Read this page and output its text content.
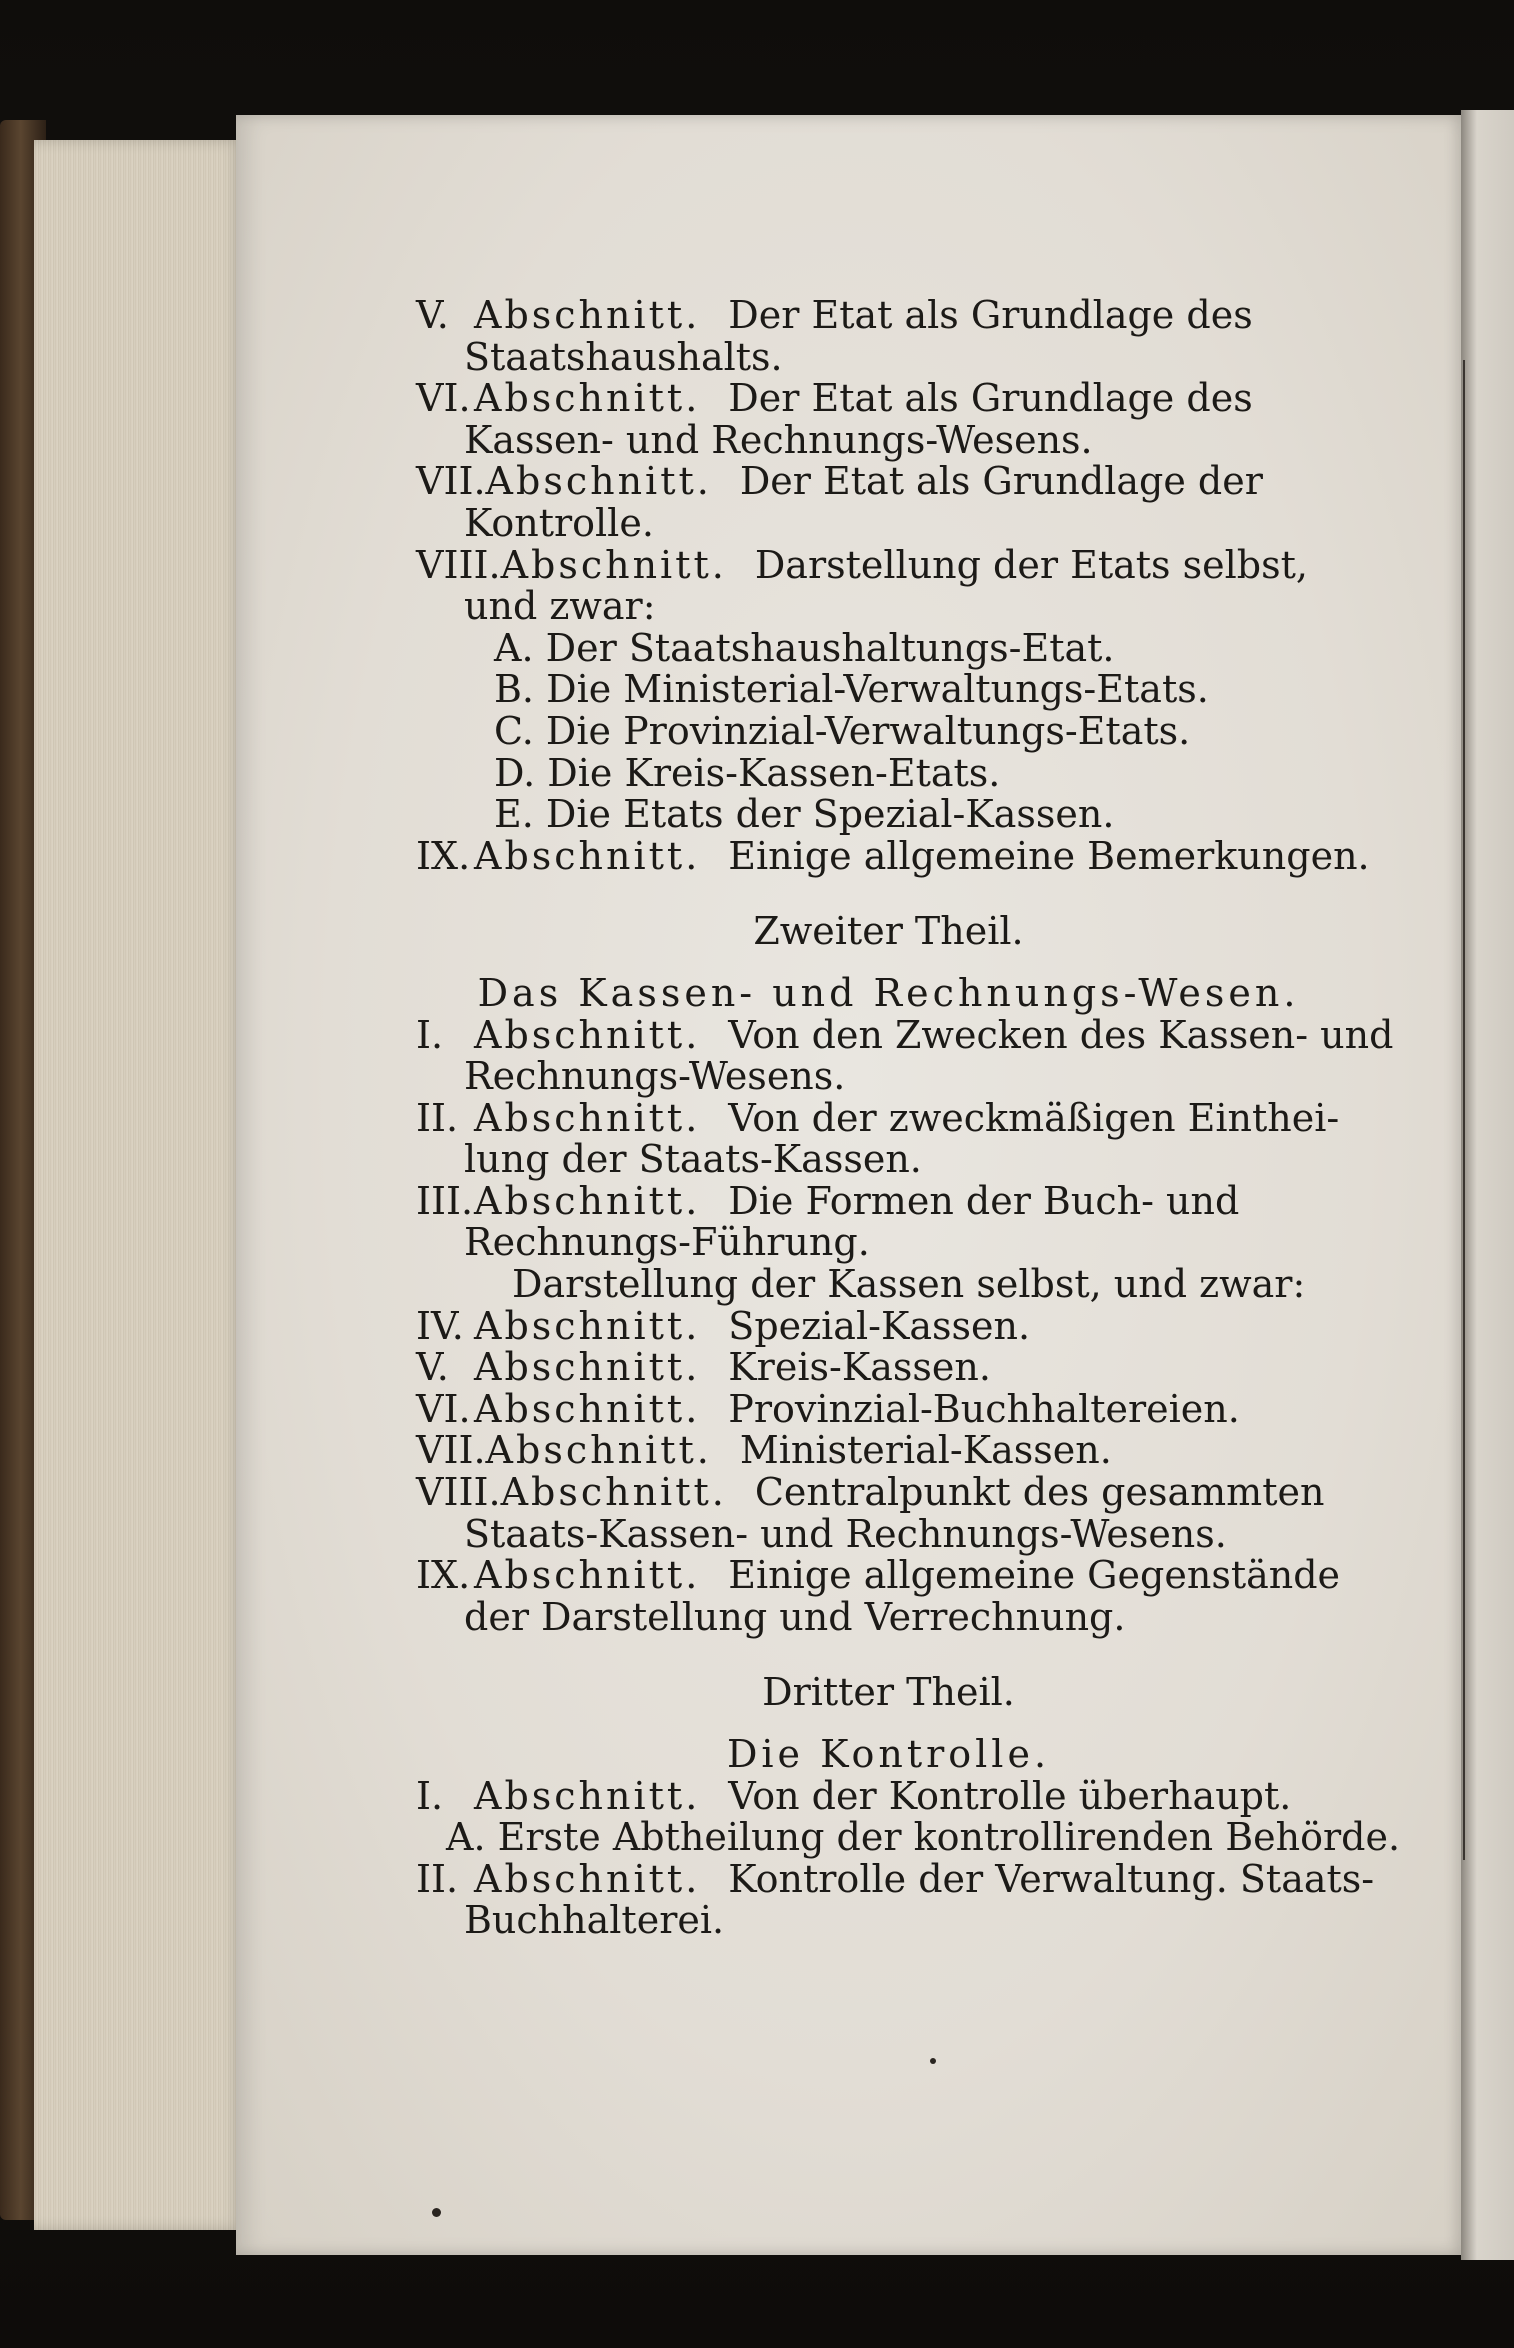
V. Abschnitt. Der Etat als Grundlage des
Staatshaushalts.
VI.Abschnitt. Der Etat als Grundlage des
Kassen- und Rechnungs-Wesens.
VII.Abschnitt. Der Etat als Grundlage der
Kontrolle.
VIII.Abschnitt. Darstellung der Etats selbst,
und zwar:
A. Der Staatshaushaltungs-Etat.
B. Die Ministerial-Verwaltungs-Etats.
C. Die Provinzial-Verwaltungs-Etats.
D. Die Kreis-Kassen-Etats.
E. Die Etats der Spezial-Kassen.
IX. Abschnitt. Einige allgemeine Bemerkungen.
Zweiter Theil.
Das Kassen- und Rechnungs-Wesen.
I. Abschnitt. Von den Zwecken des Kassen- und
Rechnungs-Wesens.
II. Abschnitt. Von der zweckmäßigen Einthei-
lung der Staats-Kassen.
III.Abschnitt. Die Formen der Buch- und
Rechnungs-Führung.
Darstellung der Kassen selbst, und zwar:
IV. Abschnitt. Spezial-Kassen.
V. Abschnitt. Kreis-Kassen.
VI.Abschnitt. Provinzial-Buchhaltereien.
VII.Abschnitt. Ministerial-Kassen.
VIII.Abschnitt. Centralpunkt des gesammten
Staats-Kassen- und Rechnungs-Wesens.
IX. Abschnitt. Einige allgemeine Gegenstände
der Darstellung und Verrechnung.
Dritter Theil.
Die Kontrolle.
I. Abschnitt. Von der Kontrolle überhaupt.
A. Erste Abtheilung der kontrollirenden Behörde.
II. Abschnitt. Kontrolle der Verwaltung. Staats-
Buchhalterei.
